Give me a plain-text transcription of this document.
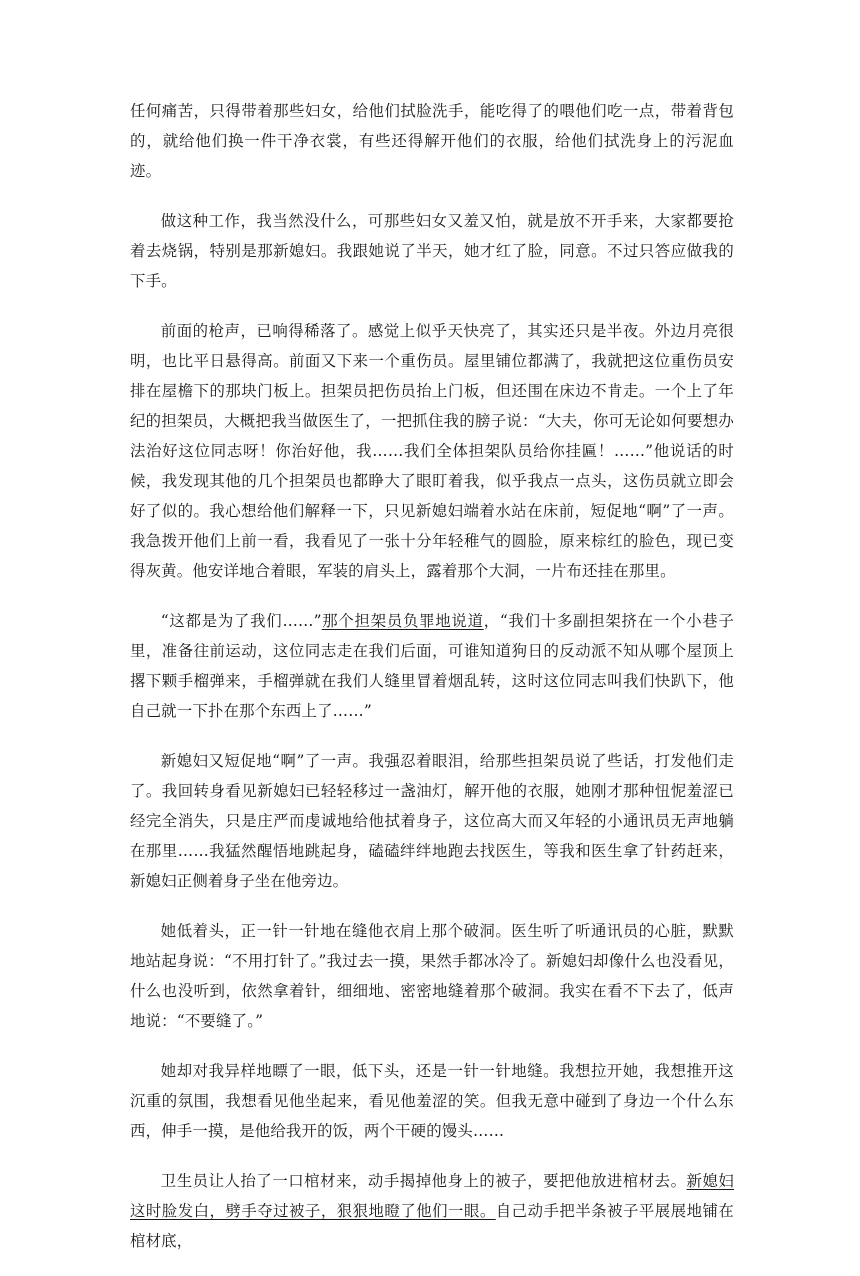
任何痛苦，只得带着那些妇女，给他们拭脸洗手，能吃得了的喂他们吃一点，带着背包的，就给他们换一件干净衣裳，有些还得解开他们的衣服，给他们拭洗身上的污泥血迹。

做这种工作，我当然没什么，可那些妇女又羞又怕，就是放不开手来，大家都要抢着去烧锅，特别是那新媳妇。我跟她说了半天，她才红了脸，同意。不过只答应做我的下手。

前面的枪声，已响得稀落了。感觉上似乎天快亮了，其实还只是半夜。外边月亮很明，也比平日悬得高。前面又下来一个重伤员。屋里铺位都满了，我就把这位重伤员安排在屋檐下的那块门板上。担架员把伤员抬上门板，但还围在床边不肯走。一个上了年纪的担架员，大概把我当做医生了，一把抓住我的膀子说：“大夫，你可无论如何要想办法治好这位同志呀！你治好他，我……我们全体担架队员给你挂匾！……”他说话的时候，我发现其他的几个担架员也都睁大了眼盯着我，似乎我点一点头，这伤员就立即会好了似的。我心想给他们解释一下，只见新媳妇端着水站在床前，短促地“啊”了一声。我急拨开他们上前一看，我看见了一张十分年轻稚气的圆脸，原来棕红的脸色，现已变得灰黄。他安详地合着眼，军装的肩头上，露着那个大洞，一片布还挂在那里。

“这都是为了我们……”那个担架员负罪地说道，“我们十多副担架挤在一个小巷子里，准备往前运动，这位同志走在我们后面，可谁知道狗日的反动派不知从哪个屋顶上撂下颗手榴弹来，手榴弹就在我们人缝里冒着烟乱转，这时这位同志叫我们快趴下，他自己就一下扑在那个东西上了……”

新媳妇又短促地“啊”了一声。我强忍着眼泪，给那些担架员说了些话，打发他们走了。我回转身看见新媳妇已轻轻移过一盏油灯，解开他的衣服，她刚才那种忸怩羞涩已经完全消失，只是庄严而虔诚地给他拭着身子，这位高大而又年轻的小通讯员无声地躺在那里……我猛然醒悟地跳起身，磕磕绊绊地跑去找医生，等我和医生拿了针药赶来，新媳妇正侧着身子坐在他旁边。

她低着头，正一针一针地在缝他衣肩上那个破洞。医生听了听通讯员的心脏，默默地站起身说：“不用打针了。”我过去一摸，果然手都冰冷了。新媳妇却像什么也没看见，什么也没听到，依然拿着针，细细地、密密地缝着那个破洞。我实在看不下去了，低声地说：“不要缝了。”

她却对我异样地瞟了一眼，低下头，还是一针一针地缝。我想拉开她，我想推开这沉重的氛围，我想看见他坐起来，看见他羞涩的笑。但我无意中碰到了身边一个什么东西，伸手一摸，是他给我开的饭，两个干硬的馒头……

卫生员让人抬了一口棺材来，动手揭掉他身上的被子，要把他放进棺材去。新媳妇这时脸发白，劈手夺过被子，狠狠地瞪了他们一眼。自己动手把半条被子平展展地铺在棺材底，
